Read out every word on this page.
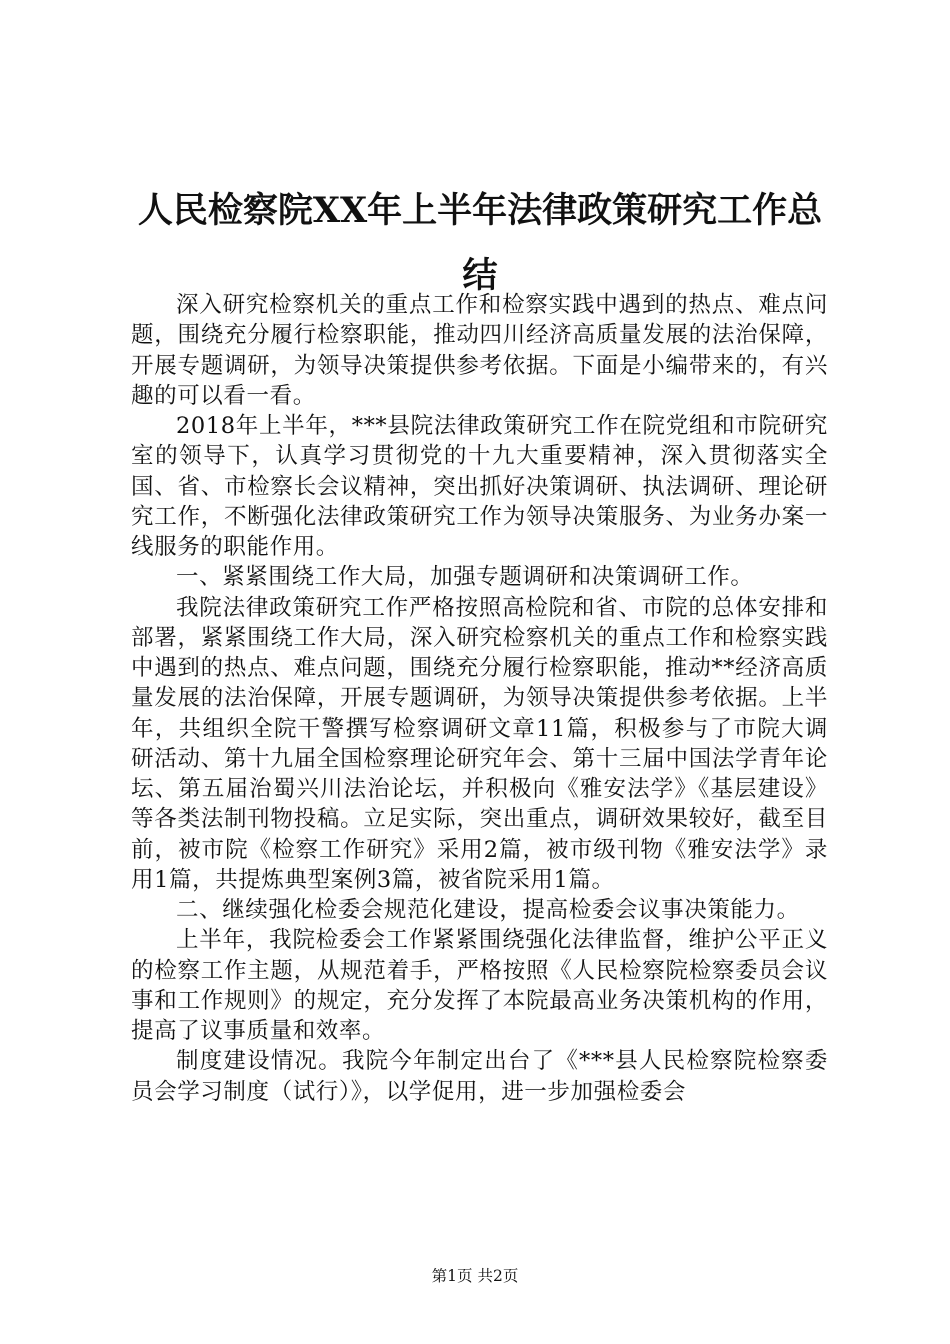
人民检察院XX年上半年法律政策研究工作总结

深入研究检察机关的重点工作和检察实践中遇到的热点、难点问题，围绕充分履行检察职能，推动四川经济高质量发展的法治保障，开展专题调研，为领导决策提供参考依据。下面是小编带来的，有兴趣的可以看一看。

2018年上半年，***县院法律政策研究工作在院党组和市院研究室的领导下，认真学习贯彻党的十九大重要精神，深入贯彻落实全国、省、市检察长会议精神，突出抓好决策调研、执法调研、理论研究工作，不断强化法律政策研究工作为领导决策服务、为业务办案一线服务的职能作用。

一、紧紧围绕工作大局，加强专题调研和决策调研工作。

我院法律政策研究工作严格按照高检院和省、市院的总体安排和部署，紧紧围绕工作大局，深入研究检察机关的重点工作和检察实践中遇到的热点、难点问题，围绕充分履行检察职能，推动**经济高质量发展的法治保障，开展专题调研，为领导决策提供参考依据。上半年，共组织全院干警撰写检察调研文章11篇，积极参与了市院大调研活动、第十九届全国检察理论研究年会、第十三届中国法学青年论坛、第五届治蜀兴川法治论坛，并积极向《雅安法学》《基层建设》等各类法制刊物投稿。立足实际，突出重点，调研效果较好，截至目前，被市院《检察工作研究》采用2篇，被市级刊物《雅安法学》录用1篇，共提炼典型案例3篇，被省院采用1篇。

二、继续强化检委会规范化建设，提高检委会议事决策能力。

上半年，我院检委会工作紧紧围绕强化法律监督，维护公平正义的检察工作主题，从规范着手，严格按照《人民检察院检察委员会议事和工作规则》的规定，充分发挥了本院最高业务决策机构的作用，提高了议事质量和效率。

制度建设情况。我院今年制定出台了《***县人民检察院检察委员会学习制度（试行）》，以学促用，进一步加强检委会

第1页 共2页
